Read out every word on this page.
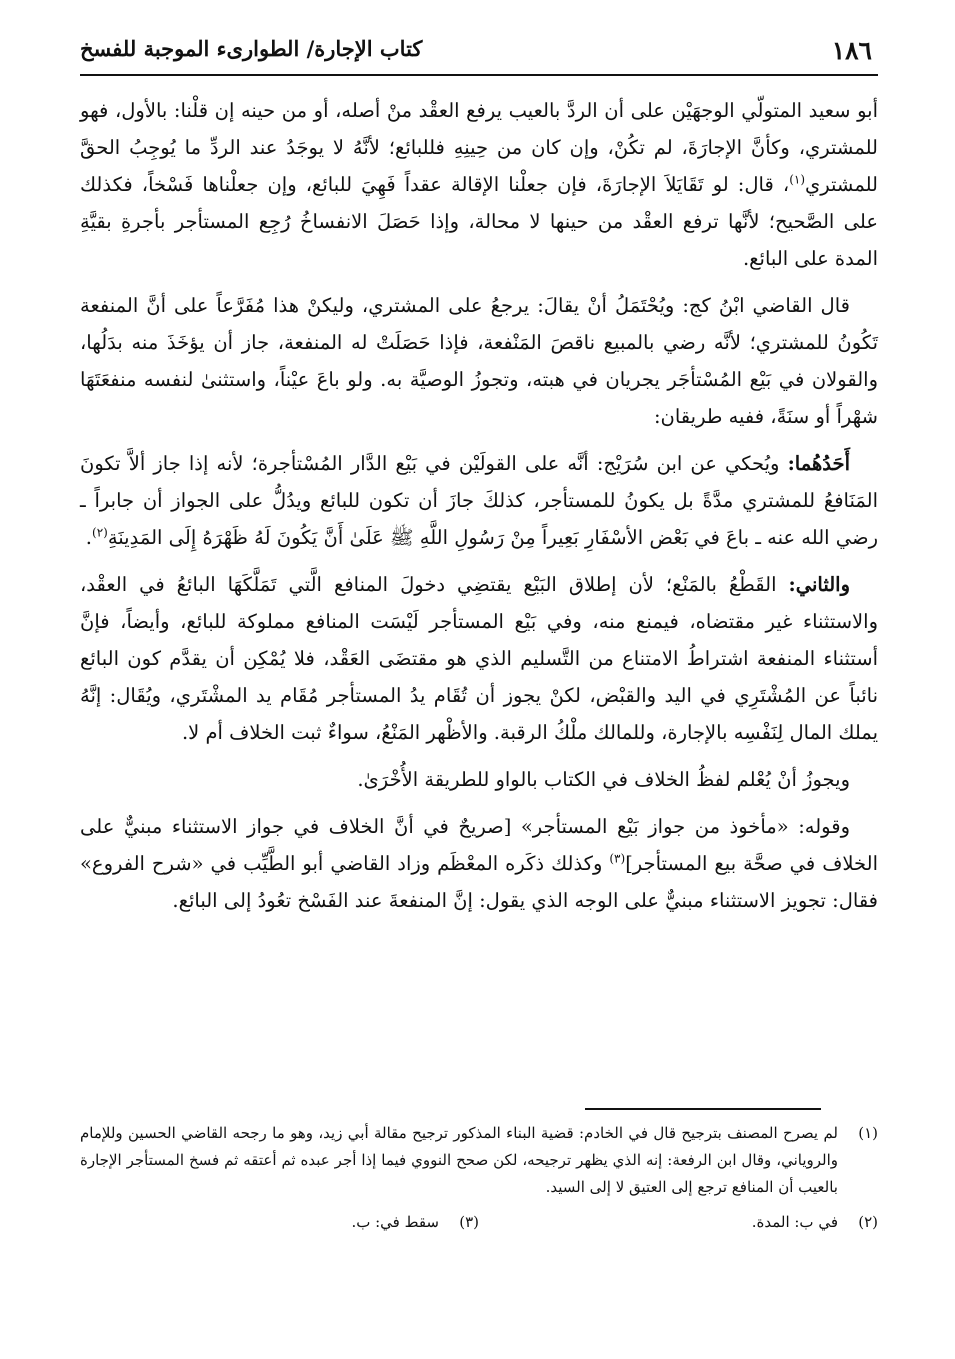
١٨٦
كتاب الإجارة/ الطوارىء الموجبة للفسخ

أبو سعيد المتولّي الوجهَيْن على أن الردَّ بالعيب يرفع العقْد منْ أصله، أو من حينه إن قلْنا: بالأول، فهو للمشتري، وكأنَّ الإجارَةَ، لم تكُنْ، وإن كان من حِينِهِ فللبائع؛ لأنَّهُ لا يوجَدُ عند الردِّ ما يُوجِبُ الحقَّ للمشتري$^{(١)}$، قال: لو تَقَايَلاَ الإجارَةَ، فإن جعلْنا الإقالة عقداً فَهِيَ للبائع، وإن جعلْناها فَسْخاً، فكذلك على الصَّحيح؛ لأنَّها ترفع العقْد من حينها لا محالة، وإذا حَصَلَ الانفساخُ رُجِع المستأجر بأجرةِ بقيَّةِ المدة على البائع.

قال القاضي ابْنُ كج: ويُحْتَمَلُ أنْ يقالَ: يرجعُ على المشتري، وليكنْ هذا مُفَرَّعاً على أنَّ المنفعة تَكُونُ للمشتري؛ لأنَّه رضي بالمبيع ناقصَ المَنْفعة، فإذا حَصَلَتْ له المنفعة، جاز أن يؤخَذَ منه بدَلُها، والقولان في بَيْع المُسْتأجَر يجريان في هبته، وتجوزُ الوصيَّة به. ولو باعَ عيْناً، واستثنىٰ لنفسه منفعَتَهَا شهْراً أو سنَةً، ففيه طريقان:

أَحَدُهُما: ويُحكي عن ابن سُرَيْج: أنَّه على القولَيْن في بَيْع الدَّار المُسْتأجرة؛ لأنه إذا جاز ألاَّ تكونَ المَنَافعُ للمشتري مدَّةً بل يكونُ للمستأجر، كذلكَ جازَ أن تكون للبائع ويدُلُّ على الجواز أن جابراً ـ رضي الله عنه ـ باعَ في بَعْض الأسْفَارِ بَعِيراً مِنْ رَسُولِ اللَّهِ ﷺ عَلَىٰ أَنَّ يَكُونَ لَهُ ظَهْرَهُ إِلَى المَدِينَةِ$^{(٢)}$.

والثاني: القَطْعُ بالمَنْع؛ لأن إطلاق البَيْع يقتضِي دخولَ المنافع الَّتي تَمَلَّكَهَا البائعُ في العقْد، والاستثناء غير مقتضاه، فيمنع منه، وفي بَيْع المستأجر لَيْسَت المنافع مملوكة للبائع، وأيضاً، فإنَّ أستثناء المنفعة اشتراطُ الامتناع من التَّسليم الذي هو مقتضَى العَقْد، فلا يُمْكِن أن يقدَّم كون البائع نائباً عن المُشْتَرِي في اليد والقبْض، لكنْ يجوز أن تُقَام يدُ المستأجر مُقَام يد المشْتَري، ويُقَال: إنَّهُ يملك المال لِنَفْسِه بالإجارة، وللمالك ملْكُ الرقبة. والأظْهر المَنْعُ، سواءٌ ثبت الخلاف أم لا.

ويجوزُ أنْ يُعْلم لفظُ الخلاف في الكتاب بالواو للطريقة الأُخْرَىٰ.

وقوله: «مأخوذ من جواز بَيْع المستأجر» [صريحٌ في أنَّ الخلاف في جواز الاستثناء مبنيٌّ على الخلاف في صحَّة بيع المستأجر]$^{(٣)}$ وكذلك ذكَره المعْظَم وزاد القاضي أبو الطَّيِّب في «شرح الفروع» فقال: تجويز الاستثناء مبنيٌّ على الوجه الذي يقول: إنَّ المنفعةَ عند الفَسْخ تعُودُ إلى البائع.

(١)
لم يصرح المصنف بترجيح قال في الخادم: قضية البناء المذكور ترجيح مقالة أبي زيد، وهو ما رجحه القاضي الحسين وللإمام والروياني، وقال ابن الرفعة: إنه الذي يظهر ترجيحه، لكن صحح النووي فيما إذا أجر عبده ثم أعتقه ثم فسخ المستأجر الإجارة بالعيب أن المنافع ترجع إلى العتيق لا إلى السيد.
(٢)
في ب: المدة.
(٣)
سقط في: ب.
